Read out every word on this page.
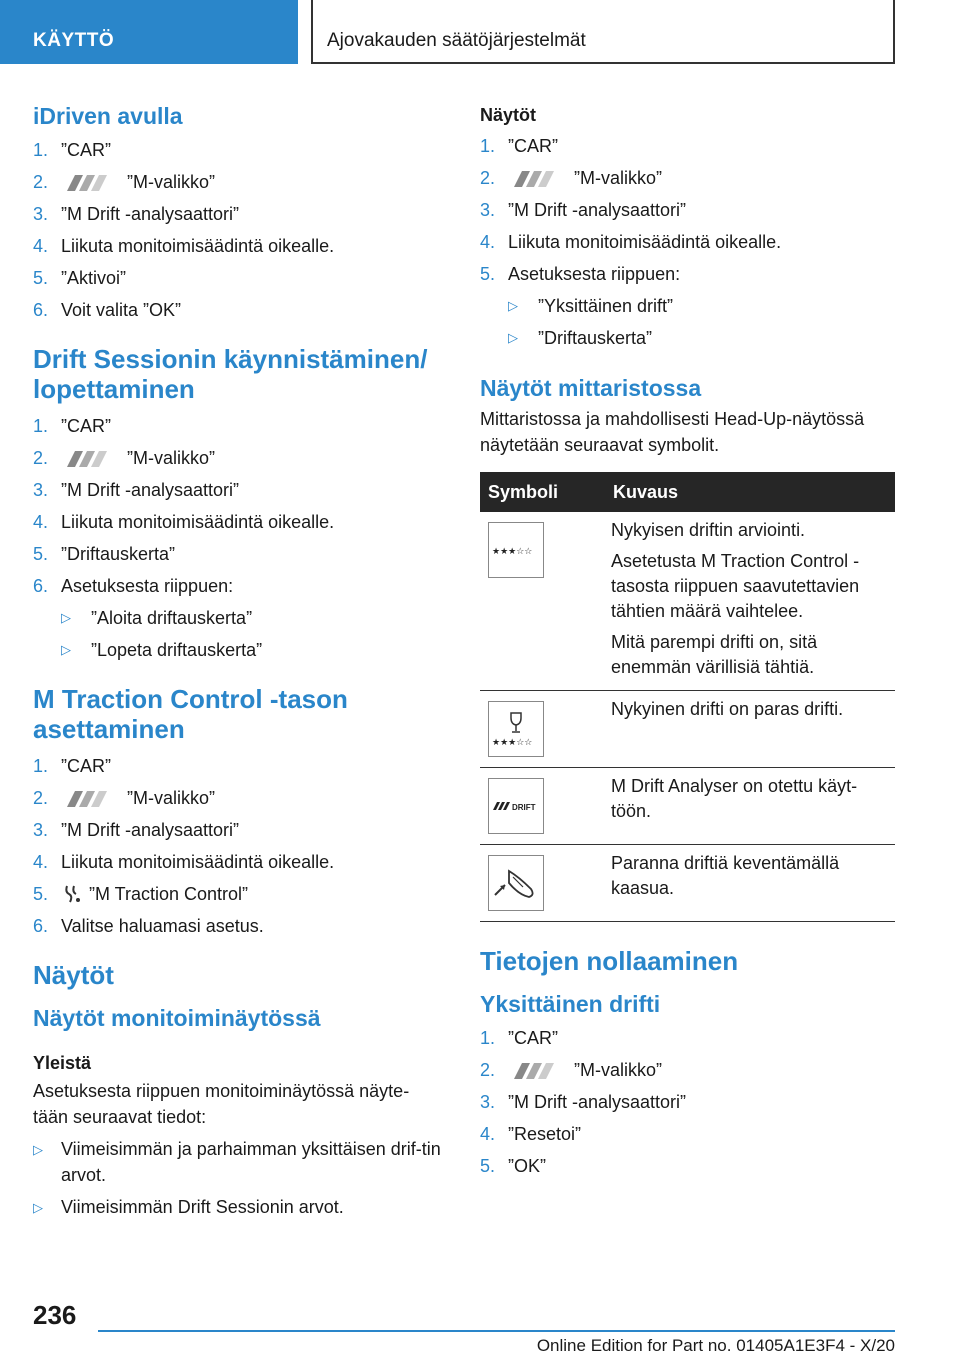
KÄYTTÖ	Ajovakauden säätöjärjestelmät
iDriven avulla
1. ”CAR”
2.	”M-valikko”
3. ”M Drift -analysaattori”
4. Liikuta monitoimisäädintä oikealle.
5. ”Aktivoi”
6. Voit valita ”OK”
Drift Sessionin käynnistäminen/ lopettaminen
1. ”CAR”
2.	”M-valikko”
3. ”M Drift -analysaattori”
4. Liikuta monitoimisäädintä oikealle.
5. ”Driftauskerta”
6. Asetuksesta riippuen:
▷	”Aloita driftauskerta”
▷	”Lopeta driftauskerta”
M Traction Control -tason asettaminen
1. ”CAR”
2.	”M-valikko”
3. ”M Drift -analysaattori”
4. Liikuta monitoimisäädintä oikealle.
5.	”M Traction Control”
6. Valitse haluamasi asetus.
Näytöt
Näytöt monitoiminäytössä
Yleistä
Asetuksesta riippuen monitoiminäytössä näyte-tään seuraavat tiedot:
▷	Viimeisimmän ja parhaimman yksittäisen drif-tin arvot.
▷	Viimeisimmän Drift Sessionin arvot.
Näytöt
1. ”CAR”
2.	”M-valikko”
3. ”M Drift -analysaattori”
4. Liikuta monitoimisäädintä oikealle.
5. Asetuksesta riippuen:
▷	”Yksittäinen drift”
▷	”Driftauskerta”
Näytöt mittaristossa
Mittaristossa ja mahdollisesti Head-Up-näytössä näytetään seuraavat symbolit.
Symboli	Kuvaus

★★★☆☆	Nykyisen driftin arviointi.
Asetetusta M Traction Control -tasosta riippuen saavutettavien tähtien määrä vaihtelee.
Mitä parempi drifti on, sitä enemmän värillisiä tähtiä.

★★★☆☆	Nykyinen drifti on paras drifti.

DRIFT	M Drift Analyser on otettu käyt-töön.

Paranna driftiä keventämällä kaasua.
Tietojen nollaaminen
Yksittäinen drifti
1. ”CAR”
2.	”M-valikko”
3. ”M Drift -analysaattori”
4. ”Resetoi”
5. ”OK”
236
Online Edition for Part no. 01405A1E3F4 - X/20
